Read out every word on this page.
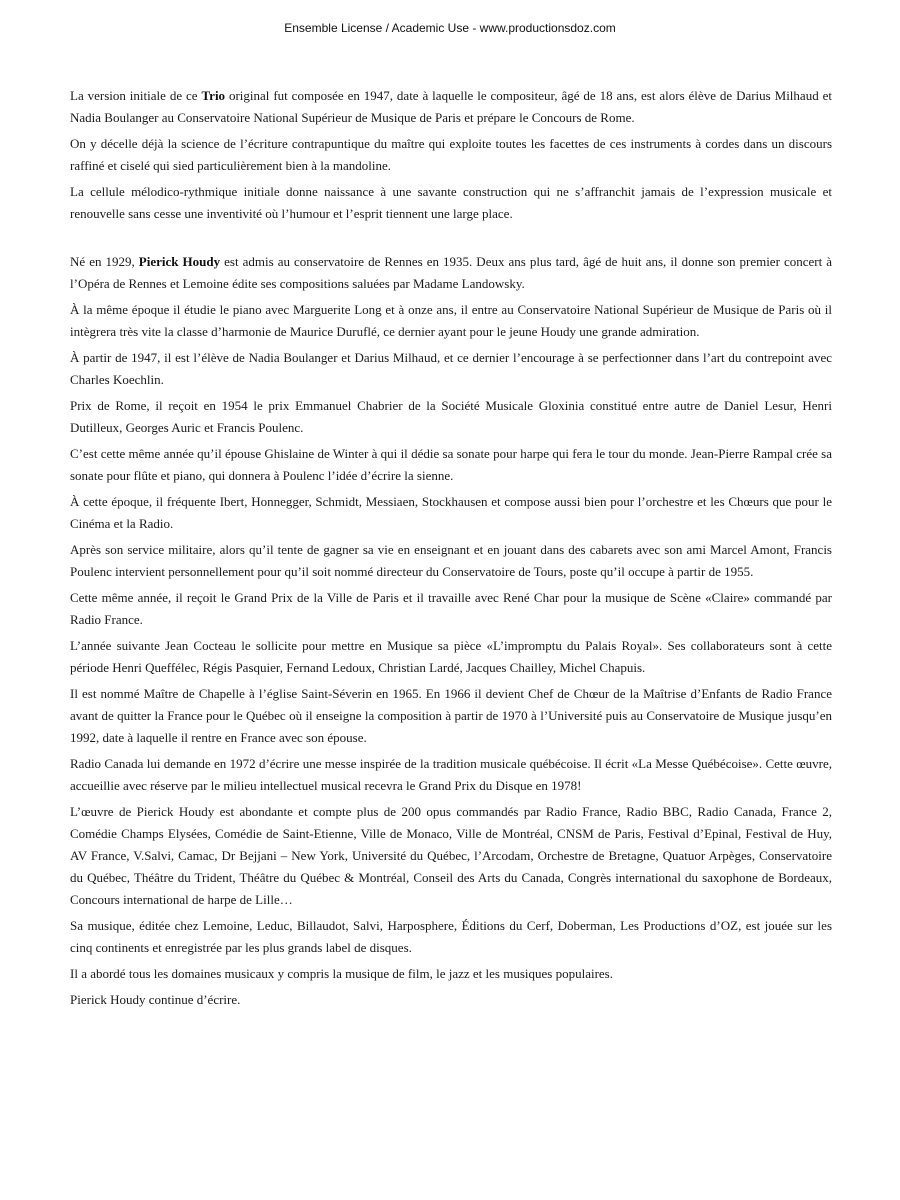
Ensemble License / Academic Use - www.productionsdoz.com

La version initiale de ce Trio original fut composée en 1947, date à laquelle le compositeur, âgé de 18 ans, est alors élève de Darius Milhaud et Nadia Boulanger au Conservatoire National Supérieur de Musique de Paris et prépare le Concours de Rome.

On y décelle déjà la science de l’écriture contrapuntique du maître qui exploite toutes les facettes de ces instruments à cordes dans un discours raffiné et ciselé qui sied particulièrement bien à la mandoline.

La cellule mélodico-rythmique initiale donne naissance à une savante construction qui ne s’affranchit jamais de l’expression musicale et renouvelle sans cesse une inventivité où l’humour et l’esprit tiennent une large place.

Né en 1929, Pierick Houdy est admis au conservatoire de Rennes en 1935. Deux ans plus tard, âgé de huit ans, il donne son premier concert à l’Opéra de Rennes et Lemoine édite ses compositions saluées par Madame Landowsky.

À la même époque il étudie le piano avec Marguerite Long et à onze ans, il entre au Conservatoire National Supérieur de Musique de Paris où il intègrera très vite la classe d’harmonie de Maurice Duruflé, ce dernier ayant pour le jeune Houdy une grande admiration.

À partir de 1947, il est l’élève de Nadia Boulanger et Darius Milhaud, et ce dernier l’encourage à se perfectionner dans l’art du contrepoint avec Charles Koechlin.

Prix de Rome, il reçoit en 1954 le prix Emmanuel Chabrier de la Société Musicale Gloxinia constitué entre autre de Daniel Lesur, Henri Dutilleux, Georges Auric et Francis Poulenc.

C’est cette même année qu’il épouse Ghislaine de Winter à qui il dédie sa sonate pour harpe qui fera le tour du monde. Jean-Pierre Rampal crée sa sonate pour flûte et piano, qui donnera à Poulenc l’idée d’écrire la sienne.

À cette époque, il fréquente Ibert, Honnegger, Schmidt, Messiaen, Stockhausen et compose aussi bien pour l’orchestre et les Chœurs que pour le Cinéma et la Radio.

Après son service militaire, alors qu’il tente de gagner sa vie en enseignant et en jouant dans des cabarets avec son ami Marcel Amont, Francis Poulenc intervient personnellement pour qu’il soit nommé directeur du Conservatoire de Tours, poste qu’il occupe à partir de 1955.

Cette même année, il reçoit le Grand Prix de la Ville de Paris et il travaille avec René Char pour la musique de Scène «Claire» commandé par Radio France.

L’année suivante Jean Cocteau le sollicite pour mettre en Musique sa pièce «L’impromptu du Palais Royal». Ses collaborateurs sont à cette période Henri Queffélec, Régis Pasquier, Fernand Ledoux, Christian Lardé, Jacques Chailley, Michel Chapuis.

Il est nommé Maître de Chapelle à l’église Saint-Séverin en 1965. En 1966 il devient Chef de Chœur de la Maîtrise d’Enfants de Radio France avant de quitter la France pour le Québec où il enseigne la composition à partir de 1970 à l’Université puis au Conservatoire de Musique jusqu’en 1992, date à laquelle il rentre en France avec son épouse.

Radio Canada lui demande en 1972 d’écrire une messe inspirée de la tradition musicale québécoise. Il écrit «La Messe Québécoise». Cette œuvre, accueillie avec réserve par le milieu intellectuel musical recevra le Grand Prix du Disque en 1978!

L’œuvre de Pierick Houdy est abondante et compte plus de 200 opus commandés par Radio France, Radio BBC, Radio Canada, France 2, Comédie Champs Elysées, Comédie de Saint-Etienne, Ville de Monaco, Ville de Montréal, CNSM de Paris, Festival d’Epinal, Festival de Huy, AV France, V.Salvi, Camac, Dr Bejjani – New York, Université du Québec, l’Arcodam, Orchestre de Bretagne, Quatuor Arpèges, Conservatoire du Québec, Théâtre du Trident, Théâtre du Québec & Montréal, Conseil des Arts du Canada, Congrès international du saxophone de Bordeaux, Concours international de harpe de Lille…

Sa musique, éditée chez Lemoine, Leduc, Billaudot, Salvi, Harposphere, Éditions du Cerf, Doberman, Les Productions d’OZ, est jouée sur les cinq continents et enregistrée par les plus grands label de disques.

Il a abordé tous les domaines musicaux y compris la musique de film, le jazz et les musiques populaires.

Pierick Houdy continue d’écrire.
